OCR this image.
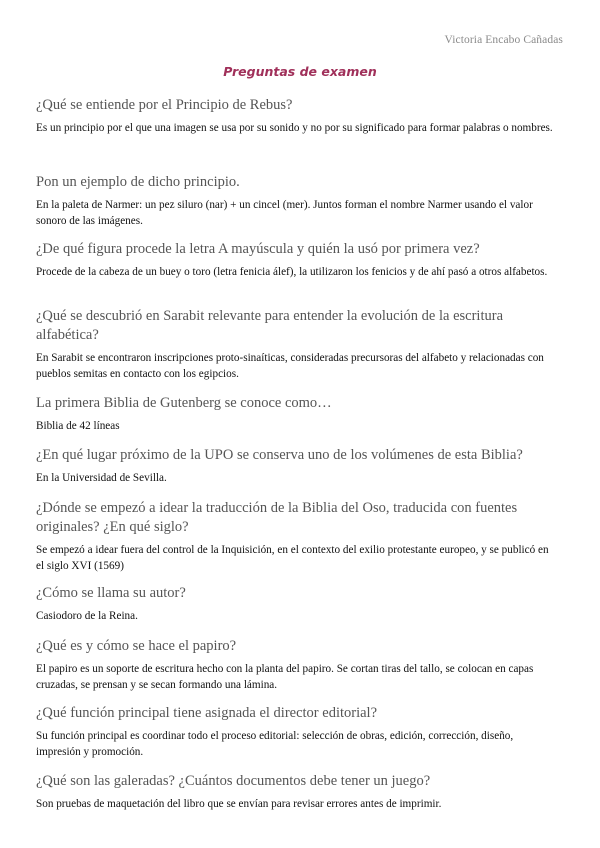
Victoria Encabo Cañadas
Preguntas de examen

¿Qué se entiende por el Principio de Rebus?

Es un principio por el que una imagen se usa por su sonido y no por su significado para formar palabras o nombres.

Pon un ejemplo de dicho principio.

En la paleta de Narmer: un pez siluro (nar) + un cincel (mer). Juntos forman el nombre Narmer usando el valor sonoro de las imágenes.

¿De qué figura procede la letra A mayúscula y quién la usó por primera vez?

Procede de la cabeza de un buey o toro (letra fenicia álef), la utilizaron los fenicios y de ahí pasó a otros alfabetos.

¿Qué se descubrió en Sarabit relevante para entender la evolución de la escritura alfabética?

En Sarabit se encontraron inscripciones proto-sinaíticas, consideradas precursoras del alfabeto y relacionadas con pueblos semitas en contacto con los egipcios.

La primera Biblia de Gutenberg se conoce como…

Biblia de 42 líneas

¿En qué lugar próximo de la UPO se conserva uno de los volúmenes de esta Biblia?

En la Universidad de Sevilla.

¿Dónde se empezó a idear la traducción de la Biblia del Oso, traducida con fuentes originales? ¿En qué siglo?

Se empezó a idear fuera del control de la Inquisición, en el contexto del exilio protestante europeo, y se publicó en el siglo XVI (1569)

¿Cómo se llama su autor?

Casiodoro de la Reina.

¿Qué es y cómo se hace el papiro?

El papiro es un soporte de escritura hecho con la planta del papiro. Se cortan tiras del tallo, se colocan en capas cruzadas, se prensan y se secan formando una lámina.

¿Qué función principal tiene asignada el director editorial?

Su función principal es coordinar todo el proceso editorial: selección de obras, edición, corrección, diseño, impresión y promoción.

¿Qué son las galeradas? ¿Cuántos documentos debe tener un juego?

Son pruebas de maquetación del libro que se envían para revisar errores antes de imprimir.
